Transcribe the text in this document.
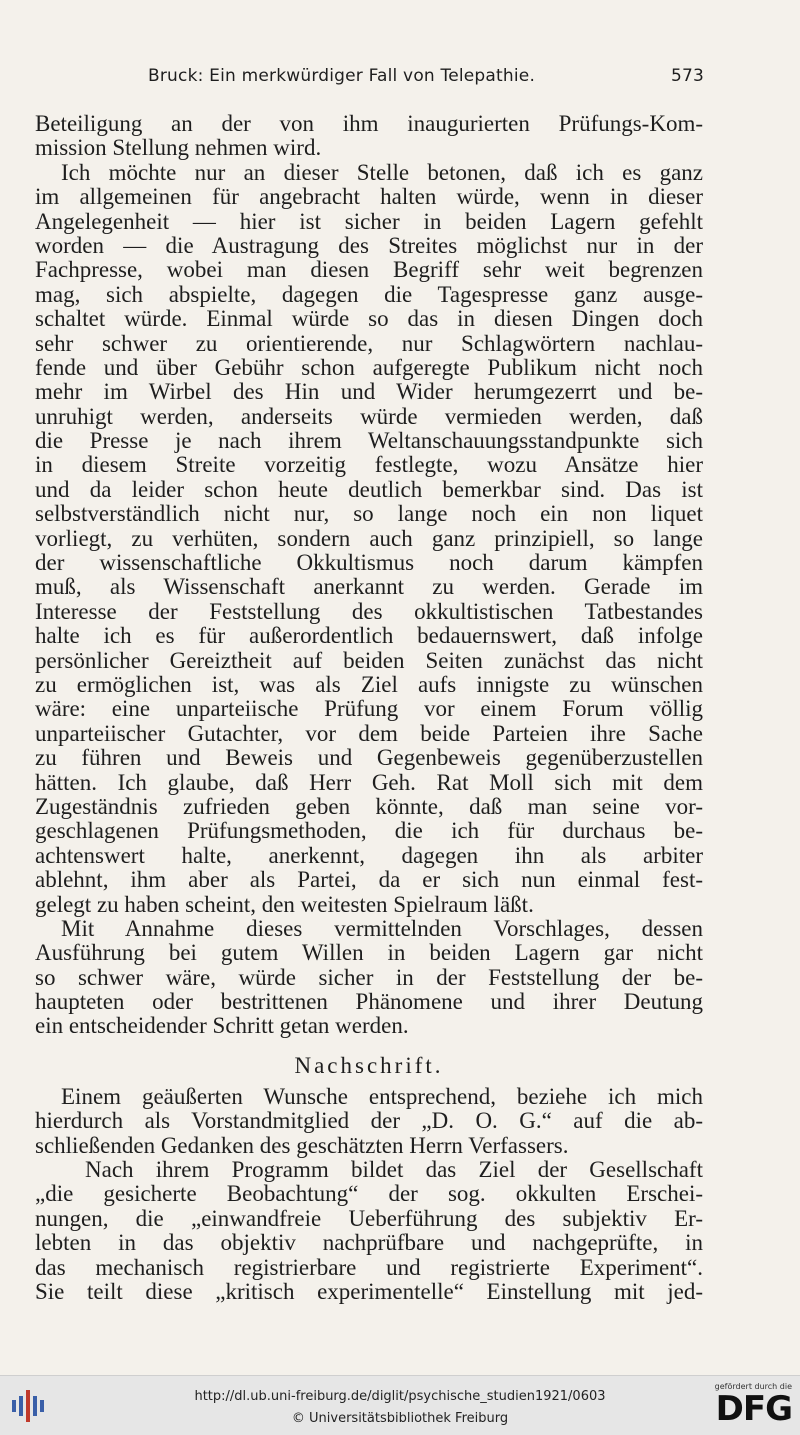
Bruck: Ein merkwürdiger Fall von Telepathie.	573
Beteiligung an der von ihm inaugurierten Prüfungs-Kom-
mission Stellung nehmen wird.
Ich möchte nur an dieser Stelle betonen, daß ich es ganz
im allgemeinen für angebracht halten würde, wenn in dieser
Angelegenheit — hier ist sicher in beiden Lagern gefehlt
worden — die Austragung des Streites möglichst nur in der
Fachpresse, wobei man diesen Begriff sehr weit begrenzen
mag, sich abspielte, dagegen die Tagespresse ganz ausge-
schaltet würde. Einmal würde so das in diesen Dingen doch
sehr schwer zu orientierende, nur Schlagwörtern nachlau-
fende und über Gebühr schon aufgeregte Publikum nicht noch
mehr im Wirbel des Hin und Wider herumgezerrt und be-
unruhigt werden, anderseits würde vermieden werden, daß
die Presse je nach ihrem Weltanschauungsstandpunkte sich
in diesem Streite vorzeitig festlegte, wozu Ansätze hier
und da leider schon heute deutlich bemerkbar sind. Das ist
selbstverständlich nicht nur, so lange noch ein non liquet
vorliegt, zu verhüten, sondern auch ganz prinzipiell, so lange
der wissenschaftliche Okkultismus noch darum kämpfen
muß, als Wissenschaft anerkannt zu werden. Gerade im
Interesse der Feststellung des okkultistischen Tatbestandes
halte ich es für außerordentlich bedauernswert, daß infolge
persönlicher Gereiztheit auf beiden Seiten zunächst das nicht
zu ermöglichen ist, was als Ziel aufs innigste zu wünschen
wäre: eine unparteiische Prüfung vor einem Forum völlig
unparteiischer Gutachter, vor dem beide Parteien ihre Sache
zu führen und Beweis und Gegenbeweis gegenüberzustellen
hätten. Ich glaube, daß Herr Geh. Rat Moll sich mit dem
Zugeständnis zufrieden geben könnte, daß man seine vor-
geschlagenen Prüfungsmethoden, die ich für durchaus be-
achtenswert halte, anerkennt, dagegen ihn als arbiter
ablehnt, ihm aber als Partei, da er sich nun einmal fest-
gelegt zu haben scheint, den weitesten Spielraum läßt.
Mit Annahme dieses vermittelnden Vorschlages, dessen
Ausführung bei gutem Willen in beiden Lagern gar nicht
so schwer wäre, würde sicher in der Feststellung der be-
haupteten oder bestrittenen Phänomene und ihrer Deutung
ein entscheidender Schritt getan werden.
Nachschrift.
Einem geäußerten Wunsche entsprechend, beziehe ich mich
hierdurch als Vorstandmitglied der „D. O. G.“ auf die ab-
schließenden Gedanken des geschätzten Herrn Verfassers.
Nach ihrem Programm bildet das Ziel der Gesellschaft
„die gesicherte Beobachtung“ der sog. okkulten Erschei-
nungen, die „einwandfreie Ueberführung des subjektiv Er-
lebten in das objektiv nachprüfbare und nachgeprüfte, in
das mechanisch registrierbare und registrierte Experiment“.
Sie teilt diese „kritisch experimentelle“ Einstellung mit jed-
http://dl.ub.uni-freiburg.de/diglit/psychische_studien1921/0603
© Universitätsbibliothek Freiburg
gefördert durch die
DFG
